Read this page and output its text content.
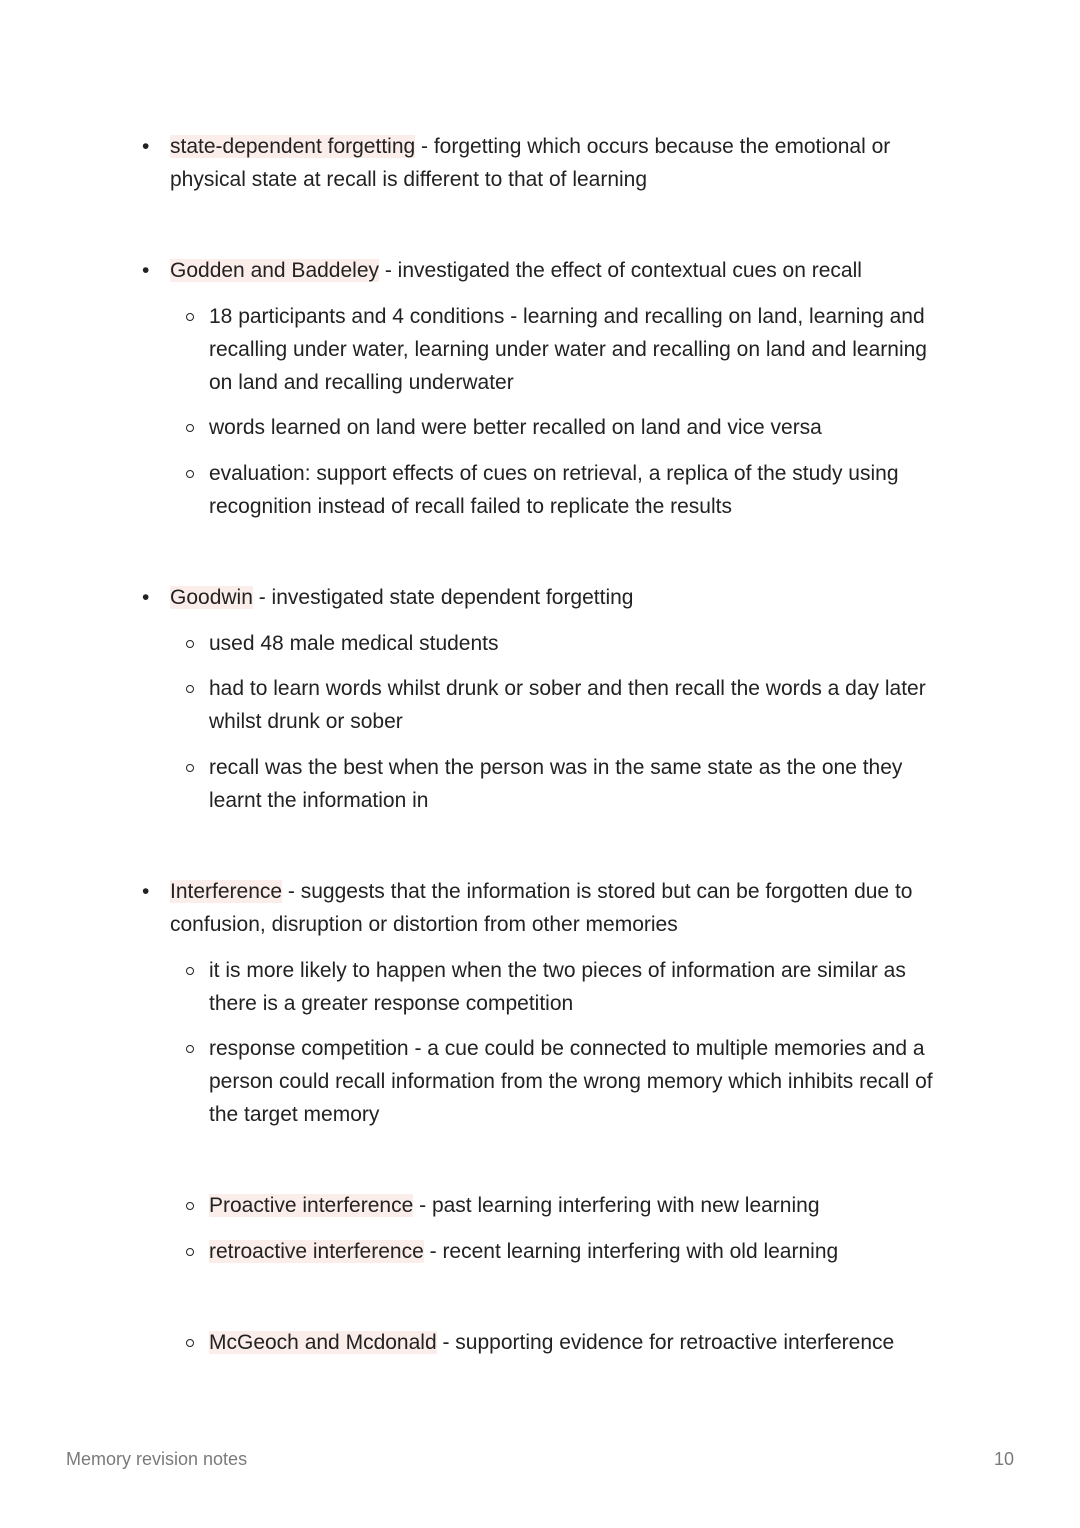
• state-dependent forgetting - forgetting which occurs because the emotional or physical state at recall is different to that of learning
• Godden and Baddeley - investigated the effect of contextual cues on recall
18 participants and 4 conditions - learning and recalling on land, learning and recalling under water, learning under water and recalling on land and learning on land and recalling underwater
words learned on land were better recalled on land and vice versa
evaluation: support effects of cues on retrieval, a replica of the study using recognition instead of recall failed to replicate the results
• Goodwin - investigated state dependent forgetting
used 48 male medical students
had to learn words whilst drunk or sober and then recall the words a day later whilst drunk or sober
recall was the best when the person was in the same state as the one they learnt the information in
• Interference - suggests that the information is stored but can be forgotten due to confusion, disruption or distortion from other memories
it is more likely to happen when the two pieces of information are similar as there is a greater response competition
response competition - a cue could be connected to multiple memories and a person could recall information from the wrong memory which inhibits recall of the target memory
Proactive interference - past learning interfering with new learning
retroactive interference - recent learning interfering with old learning
McGeoch and Mcdonald - supporting evidence for retroactive interference
Memory revision notes	10
